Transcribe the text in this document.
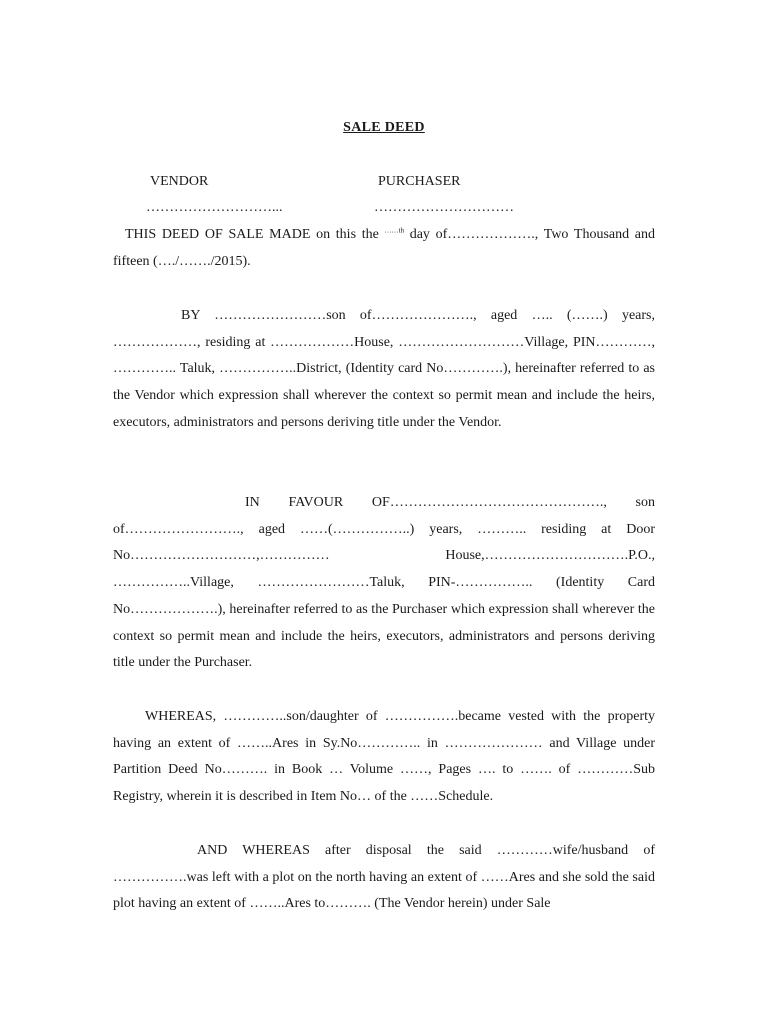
SALE DEED
VENDOR	PURCHASER
………………………...	…………………………

THIS DEED OF SALE MADE on this the $^{\dots\dots th}$ day of………………., Two Thousand and fifteen (…./……./2015).

BY ……………………son of…………………., aged ….. (…….) years, ………………, residing at ………………House, ………………………Village, PIN…………, ………….. Taluk, ……………..District, (Identity card No………….), hereinafter referred to as the Vendor which expression shall wherever the context so permit mean and include the heirs, executors, administrators and persons deriving title under the Vendor.

IN FAVOUR OF………………………………………., son of……………………., aged ……(……………..) years, ……….. residing at Door No………………………,…………… House,………………………….P.O., ……………..Village, ……………………Taluk, PIN-…………….. (Identity Card No……………….), hereinafter referred to as the Purchaser which expression shall wherever the context so permit mean and include the heirs, executors, administrators and persons deriving title under the Purchaser.

WHEREAS, …………..son/daughter of …………….became vested with the property having an extent of ……..Ares in Sy.No………….. in ………………… and Village under Partition Deed No………. in Book … Volume ……, Pages …. to ……. of …………Sub Registry, wherein it is described in Item No… of the ……Schedule.

AND WHEREAS after disposal the said …………wife/husband of …………….was left with a plot on the north having an extent of ……Ares and she sold the said plot having an extent of ……..Ares to………. (The Vendor herein) under Sale
